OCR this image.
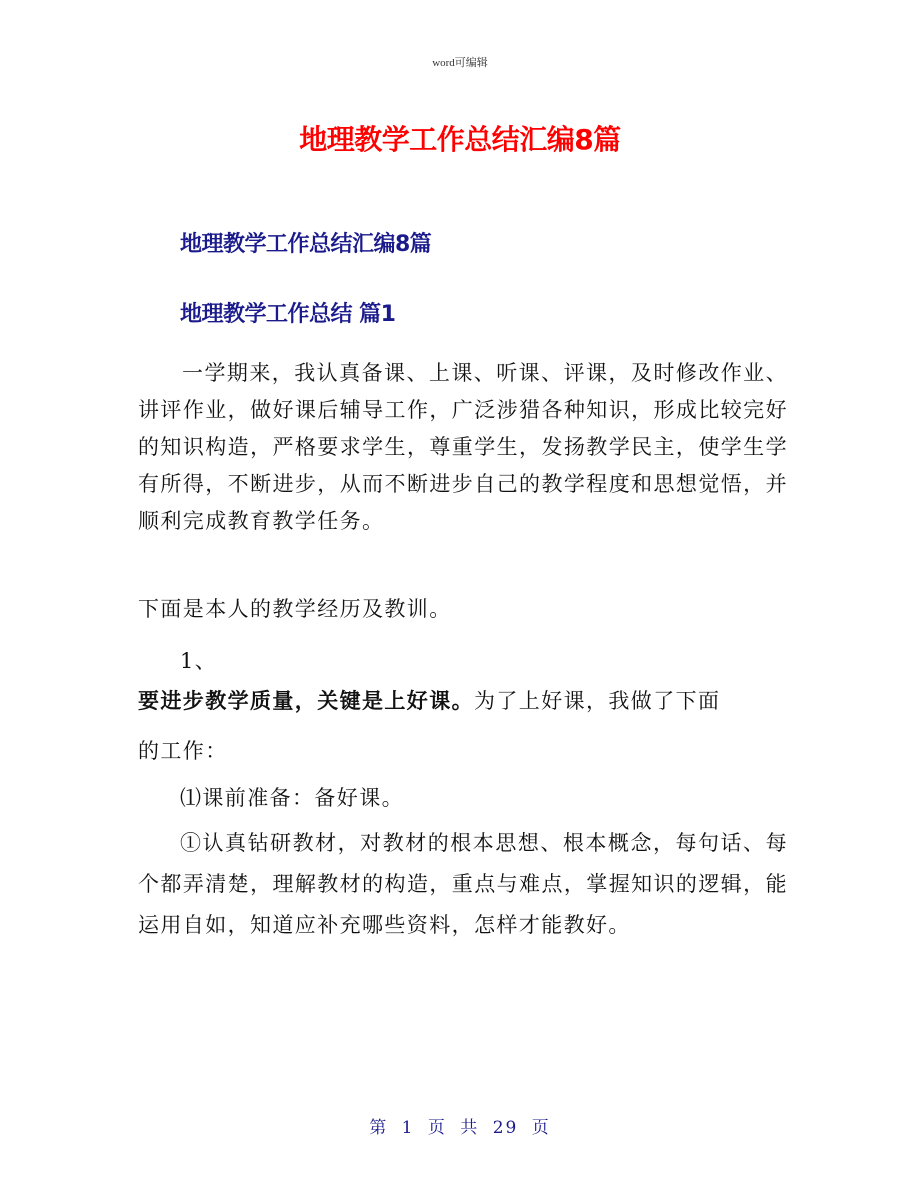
word可编辑
地理教学工作总结汇编8篇
地理教学工作总结汇编8篇
地理教学工作总结 篇1
一学期来，我认真备课、上课、听课、评课，及时修改作业、讲评作业，做好课后辅导工作，广泛涉猎各种知识，形成比较完好的知识构造，严格要求学生，尊重学生，发扬教学民主，使学生学有所得，不断进步，从而不断进步自己的教学程度和思想觉悟，并顺利完成教育教学任务。
下面是本人的教学经历及教训。
1、
要进步教学质量，关键是上好课。为了上好课，我做了下面
的工作：
⑴课前准备：备好课。
①认真钻研教材，对教材的根本思想、根本概念，每句话、每个都弄清楚，理解教材的构造，重点与难点，掌握知识的逻辑，能运用自如，知道应补充哪些资料，怎样才能教好。
第 1 页 共 29 页
